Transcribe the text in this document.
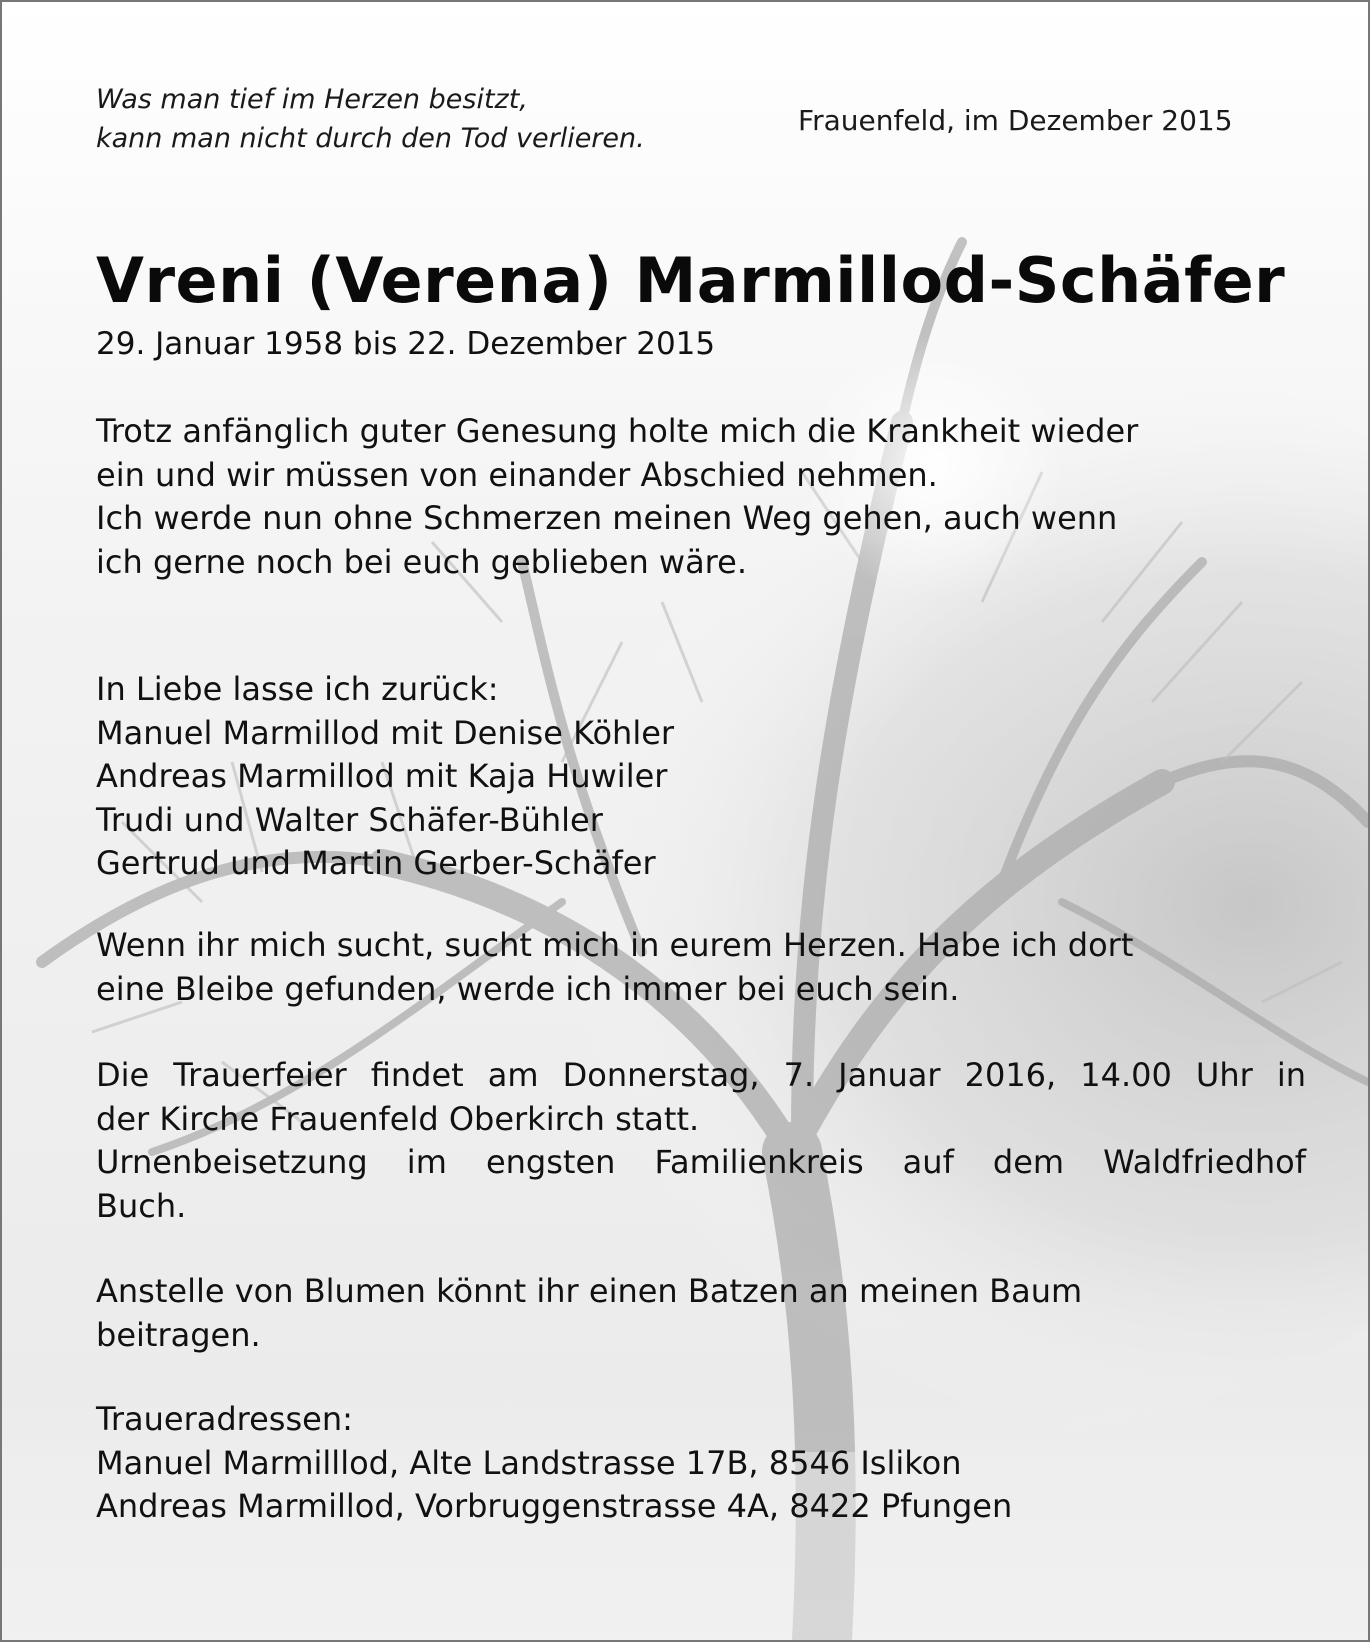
Was man tief im Herzen besitzt,
kann man nicht durch den Tod verlieren.
Frauenfeld, im Dezember 2015
Vreni (Verena) Marmillod-Schäfer
29. Januar 1958 bis 22. Dezember 2015
Trotz anfänglich guter Genesung holte mich die Krankheit wieder
ein und wir müssen von einander Abschied nehmen.
Ich werde nun ohne Schmerzen meinen Weg gehen, auch wenn
ich gerne noch bei euch geblieben wäre.
In Liebe lasse ich zurück:
Manuel Marmillod mit Denise Köhler
Andreas Marmillod mit Kaja Huwiler
Trudi und Walter Schäfer-Bühler
Gertrud und Martin Gerber-Schäfer
Wenn ihr mich sucht, sucht mich in eurem Herzen. Habe ich dort
eine Bleibe gefunden, werde ich immer bei euch sein.
Die Trauerfeier findet am Donnerstag, 7. Januar 2016, 14.00 Uhr in
der Kirche Frauenfeld Oberkirch statt.
Urnenbeisetzung im engsten Familienkreis auf dem Waldfriedhof
Buch.
Anstelle von Blumen könnt ihr einen Batzen an meinen Baum
beitragen.
Traueradressen:
Manuel Marmilllod, Alte Landstrasse 17B, 8546 Islikon
Andreas Marmillod, Vorbruggenstrasse 4A, 8422 Pfungen
